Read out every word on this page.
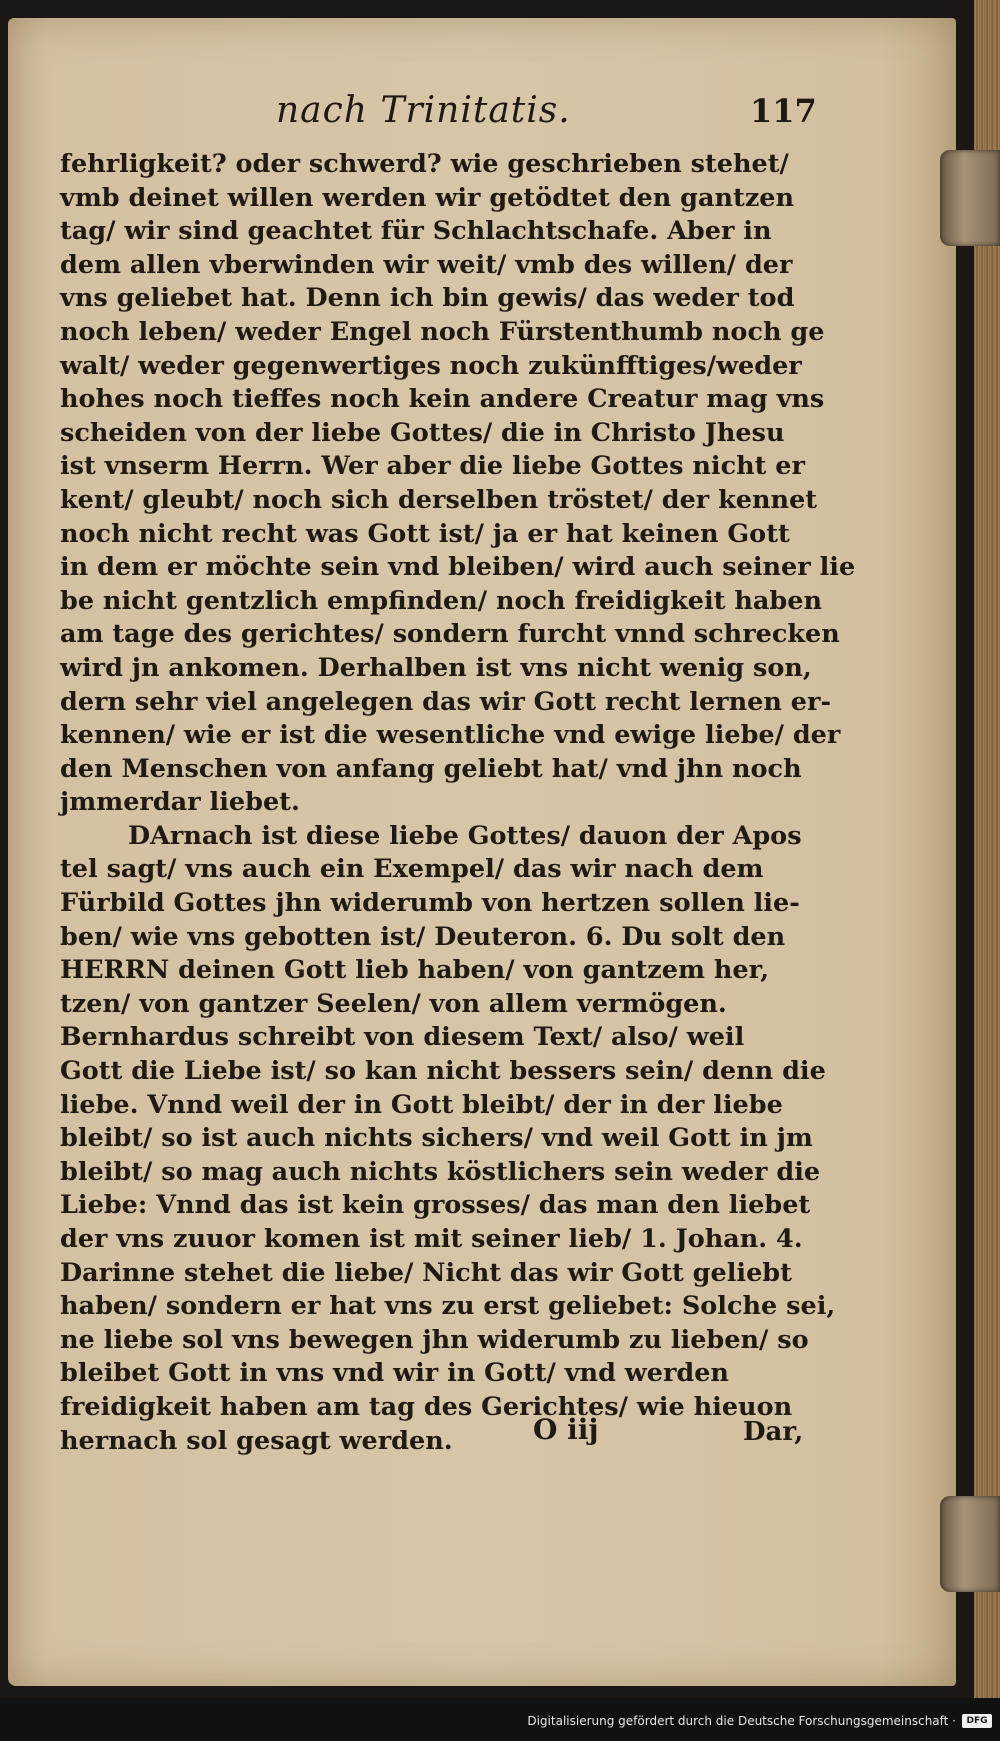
nach Trinitatis.	117
fehrligkeit? oder schwerd? wie geschrieben stehet/
vmb deinet willen werden wir getödtet den gantzen
tag/ wir sind geachtet für Schlachtschafe. Aber in
dem allen vberwinden wir weit/ vmb des willen/ der
vns geliebet hat. Denn ich bin gewis/ das weder tod
noch leben/ weder Engel noch Fürstenthumb noch ge
walt/ weder gegenwertiges noch zukünfftiges/weder
hohes noch tieffes noch kein andere Creatur mag vns
scheiden von der liebe Gottes/ die in Christo Jhesu
ist vnserm Herrn. Wer aber die liebe Gottes nicht er
kent/ gleubt/ noch sich derselben tröstet/ der kennet
noch nicht recht was Gott ist/ ja er hat keinen Gott
in dem er möchte sein vnd bleiben/ wird auch seiner lie
be nicht gentzlich empfinden/ noch freidigkeit haben
am tage des gerichtes/ sondern furcht vnnd schrecken
wird jn ankomen. Derhalben ist vns nicht wenig son,
dern sehr viel angelegen das wir Gott recht lernen er-
kennen/ wie er ist die wesentliche vnd ewige liebe/ der
den Menschen von anfang geliebt hat/ vnd jhn noch
jmmerdar liebet.
DArnach ist diese liebe Gottes/ dauon der Apos
tel sagt/ vns auch ein Exempel/ das wir nach dem
Fürbild Gottes jhn widerumb von hertzen sollen lie-
ben/ wie vns gebotten ist/ Deuteron. 6. Du solt den
HERRN deinen Gott lieb haben/ von gantzem her,
tzen/ von gantzer Seelen/ von allem vermögen.
Bernhardus schreibt von diesem Text/ also/ weil
Gott die Liebe ist/ so kan nicht bessers sein/ denn die
liebe. Vnnd weil der in Gott bleibt/ der in der liebe
bleibt/ so ist auch nichts sichers/ vnd weil Gott in jm
bleibt/ so mag auch nichts köstlichers sein weder die
Liebe: Vnnd das ist kein grosses/ das man den liebet
der vns zuuor komen ist mit seiner lieb/ 1. Johan. 4.
Darinne stehet die liebe/ Nicht das wir Gott geliebt
haben/ sondern er hat vns zu erst geliebet: Solche sei,
ne liebe sol vns bewegen jhn widerumb zu lieben/ so
bleibet Gott in vns vnd wir in Gott/ vnd werden
freidigkeit haben am tag des Gerichtes/ wie hieuon
hernach sol gesagt werden.	O iij	Dar,
Digitalisierung gefördert durch die Deutsche Forschungsgemeinschaft ·	DFG
